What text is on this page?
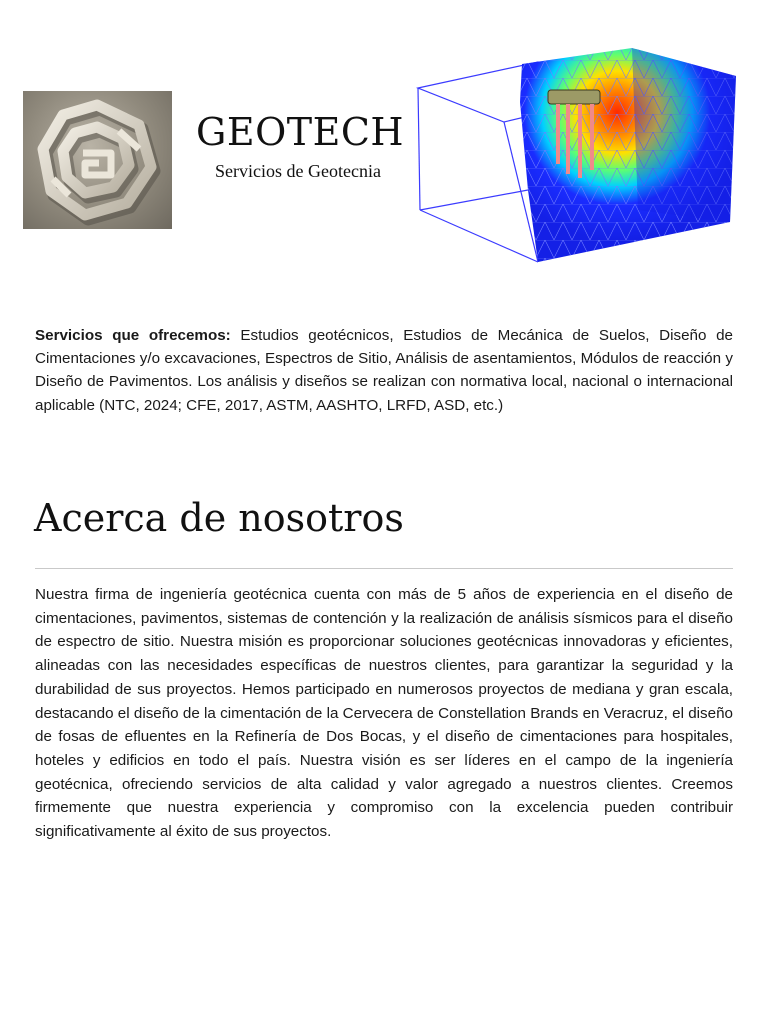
GEOTECH
Servicios de Geotecnia

Servicios que ofrecemos: Estudios geotécnicos, Estudios de Mecánica de Suelos, Diseño de Cimentaciones y/o excavaciones, Espectros de Sitio, Análisis de asentamientos, Módulos de reacción y Diseño de Pavimentos. Los análisis y diseños se realizan con normativa local, nacional o internacional aplicable (NTC, 2024; CFE, 2017, ASTM, AASHTO, LRFD, ASD, etc.)

Acerca de nosotros

Nuestra firma de ingeniería geotécnica cuenta con más de 5 años de experiencia en el diseño de cimentaciones, pavimentos, sistemas de contención y la realización de análisis sísmicos para el diseño de espectro de sitio. Nuestra misión es proporcionar soluciones geotécnicas innovadoras y eficientes, alineadas con las necesidades específicas de nuestros clientes, para garantizar la seguridad y la durabilidad de sus proyectos. Hemos participado en numerosos proyectos de mediana y gran escala, destacando el diseño de la cimentación de la Cervecera de Constellation Brands en Veracruz, el diseño de fosas de efluentes en la Refinería de Dos Bocas, y el diseño de cimentaciones para hospitales, hoteles y edificios en todo el país. Nuestra visión es ser líderes en el campo de la ingeniería geotécnica, ofreciendo servicios de alta calidad y valor agregado a nuestros clientes. Creemos firmemente que nuestra experiencia y compromiso con la excelencia pueden contribuir significativamente al éxito de sus proyectos.
